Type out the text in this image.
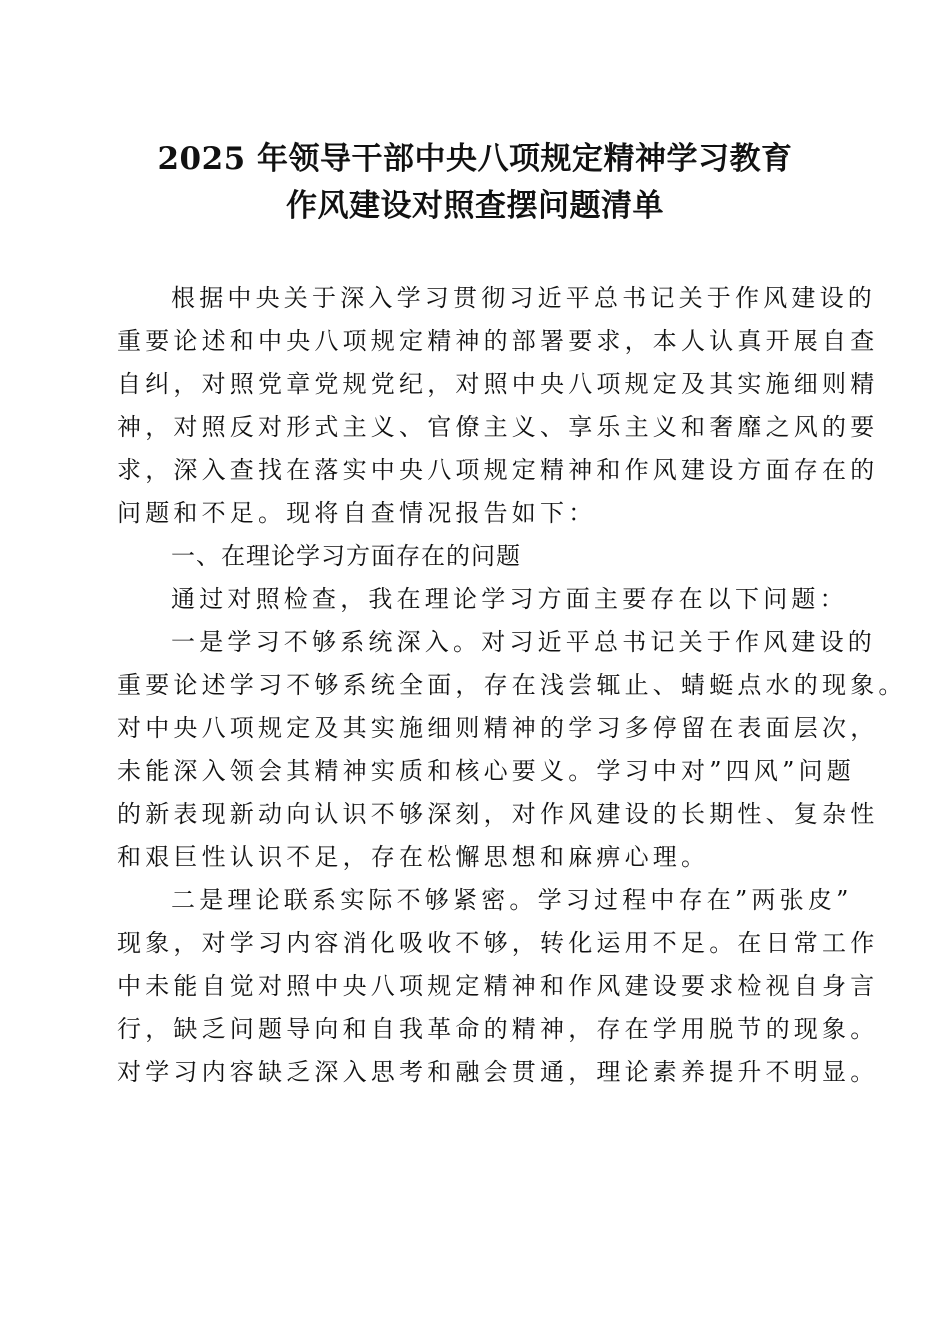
2025 年领导干部中央八项规定精神学习教育
作风建设对照查摆问题清单

根据中央关于深入学习贯彻习近平总书记关于作风建设的

重要论述和中央八项规定精神的部署要求，本人认真开展自查

自纠，对照党章党规党纪，对照中央八项规定及其实施细则精

神，对照反对形式主义、官僚主义、享乐主义和奢靡之风的要

求，深入查找在落实中央八项规定精神和作风建设方面存在的

问题和不足。现将自查情况报告如下：

一、在理论学习方面存在的问题

通过对照检查，我在理论学习方面主要存在以下问题：

一是学习不够系统深入。对习近平总书记关于作风建设的

重要论述学习不够系统全面，存在浅尝辄止、蜻蜓点水的现象。

对中央八项规定及其实施细则精神的学习多停留在表面层次，

未能深入领会其精神实质和核心要义。学习中对”四风”问题

的新表现新动向认识不够深刻，对作风建设的长期性、复杂性

和艰巨性认识不足，存在松懈思想和麻痹心理。

二是理论联系实际不够紧密。学习过程中存在”两张皮”

现象，对学习内容消化吸收不够，转化运用不足。在日常工作

中未能自觉对照中央八项规定精神和作风建设要求检视自身言

行，缺乏问题导向和自我革命的精神，存在学用脱节的现象。

对学习内容缺乏深入思考和融会贯通，理论素养提升不明显。
